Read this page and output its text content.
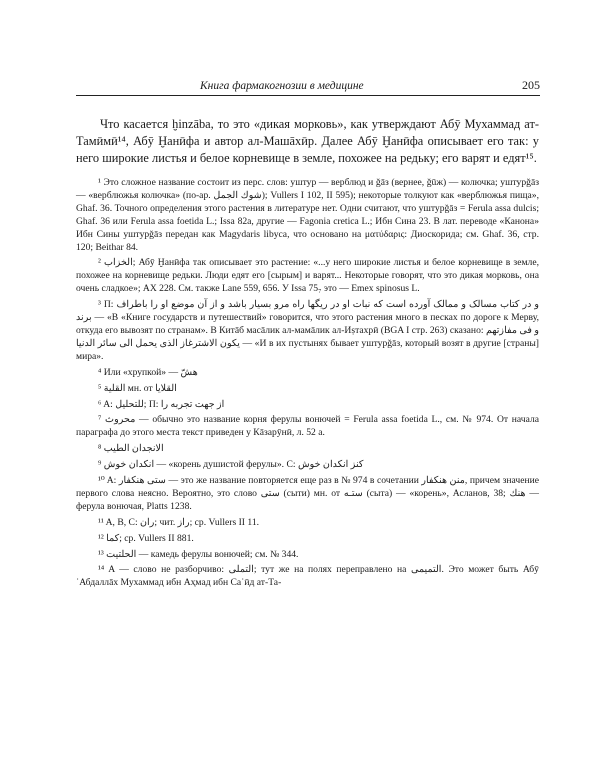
Книга фармакогнозии в медицине	205

Что касается ḫinzāba, то это «дикая морковь», как утверждают Абӯ Мухаммад ат-Тамӣмӣ¹⁴, Абӯ Ḫанӣфа и автор ал-Машāхӣр. Далее Абӯ Ḫанӣфа описывает его так: у него широкие листья и белое корневище в земле, похожее на редьку; его варят и едят¹⁵.

¹ Это сложное название состоит из перс. слов: уштур — верблюд и ğāз (вернее, ğūж) — колючка; уштурğāз — «верблюжья колючка» (по-ар. شوك الجمل); Vullers I 102, II 595); некоторые толкуют как «верблюжья пища», Ghaf. 36. Точного определения этого растения в литературе нет. Одни считают, что уштурğāз = Ferula assa dulcis; Ghaf. 36 или Ferula assa foetida L.; Issa 82a, другие — Fagonia cretica L.; Ибн Сина 23. В лат. переводе «Канона» Ибн Сины уштурğāз передан как Magydaris libyca, что основано на ματύδαρις: Диоскорида; см. Ghaf. 36, стр. 120; Beithar 84.

² الخزاب; Абӯ Ḫанӣфа так описывает это растение: «...у него широкие листья и белое корневище в земле, похожее на корневище редьки. Люди едят его [сырым] и варят... Некоторые говорят, что это дикая морковь, она очень сладкое»; AX 228. См. также Lane 559, 656. У Issa 75₇ это — Emex spinosus L.

³ П: و در کتاب مسالک و ممالک آورده است که نبات او در ریگها راه مرو بسیار باشد و از آن موضع او را باطراف برند — «В «Книге государств и путешествий» говорится, что этого растения много в песках по дороге к Мерву, откуда его вывозят по странам». В Китāб масāлик ал-мамāлик ал-Иṣтахрӣ (BGA I стр. 263) сказано: و فى مفازتهم يكون الاشترغاز الذى يحمل الى سائر الدنيا — «И в их пустынях бывает уштурğāз, который возят в другие [страны] мира».

⁴ Или «хрупкой» — هشّ

⁵ القلية мн. от القلايا

⁶ A: للتحليل; П: از جهت تجربه را

⁷ محروث — обычно это название корня ферулы вонючей = Ferula assa foetida L., см. № 974. От начала параграфа до этого места текст приведен у Кāзарӯнӣ, л. 52 а.

⁸ الانجدان الطيب

⁹ انکدان خوش — «корень душистой ферулы». С: کنز انکدان خوش

¹⁰ A: ستى هنكفار — это же название повторяется еще раз в № 974 в сочетании منن هنكفار, причем значение первого слова неясно. Вероятно, это слово ستى (сыти) мн. от ستـه (сыта) — «корень», Асланов, 38; هنك — ферула вонючая, Platts 1238.

¹¹ A, B, C: ران; чит. راز; ср. Vullers II 11.

¹² كما; ср. Vullers II 881.

¹³ الحلتيت — камедь ферулы вонючей; см. № 344.

¹⁴ A — слово не разборчиво: التملى; тут же на полях переправлено на التميمى. Это может быть Абӯ ʿАбдаллāх Мухаммад ибн Аҳмад ибн Саʿӣд ат-Та-
